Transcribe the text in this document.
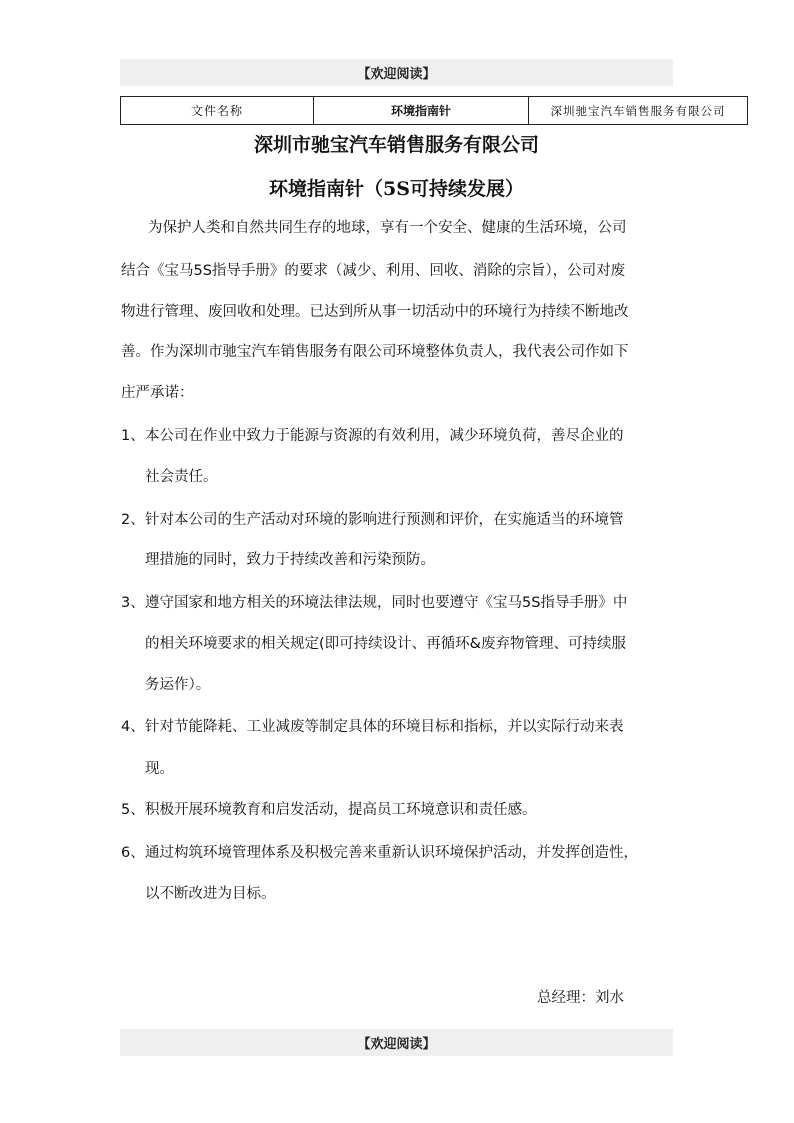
【欢迎阅读】
文件名称	环境指南针	深圳驰宝汽车销售服务有限公司
深圳市驰宝汽车销售服务有限公司
环境指南针（5S可持续发展）
为保护人类和自然共同生存的地球，享有一个安全、健康的生活环境，公司
结合《宝马5S指导手册》的要求（减少、利用、回收、消除的宗旨），公司对废
物进行管理、废回收和处理。已达到所从事一切活动中的环境行为持续不断地改
善。作为深圳市驰宝汽车销售服务有限公司环境整体负责人，我代表公司作如下
庄严承诺：
1、 本公司在作业中致力于能源与资源的有效利用，减少环境负荷，善尽企业的
社会责任。
2、 针对本公司的生产活动对环境的影响进行预测和评价，在实施适当的环境管
理措施的同时，致力于持续改善和污染预防。
3、 遵守国家和地方相关的环境法律法规，同时也要遵守《宝马5S指导手册》中
的相关环境要求的相关规定(即可持续设计、再循环&废弃物管理、可持续服
务运作）。
4、 针对节能降耗、工业减废等制定具体的环境目标和指标，并以实际行动来表
现。
5、 积极开展环境教育和启发活动，提高员工环境意识和责任感。
6、 通过构筑环境管理体系及积极完善来重新认识环境保护活动，并发挥创造性，
以不断改进为目标。
总经理：刘水
【欢迎阅读】
